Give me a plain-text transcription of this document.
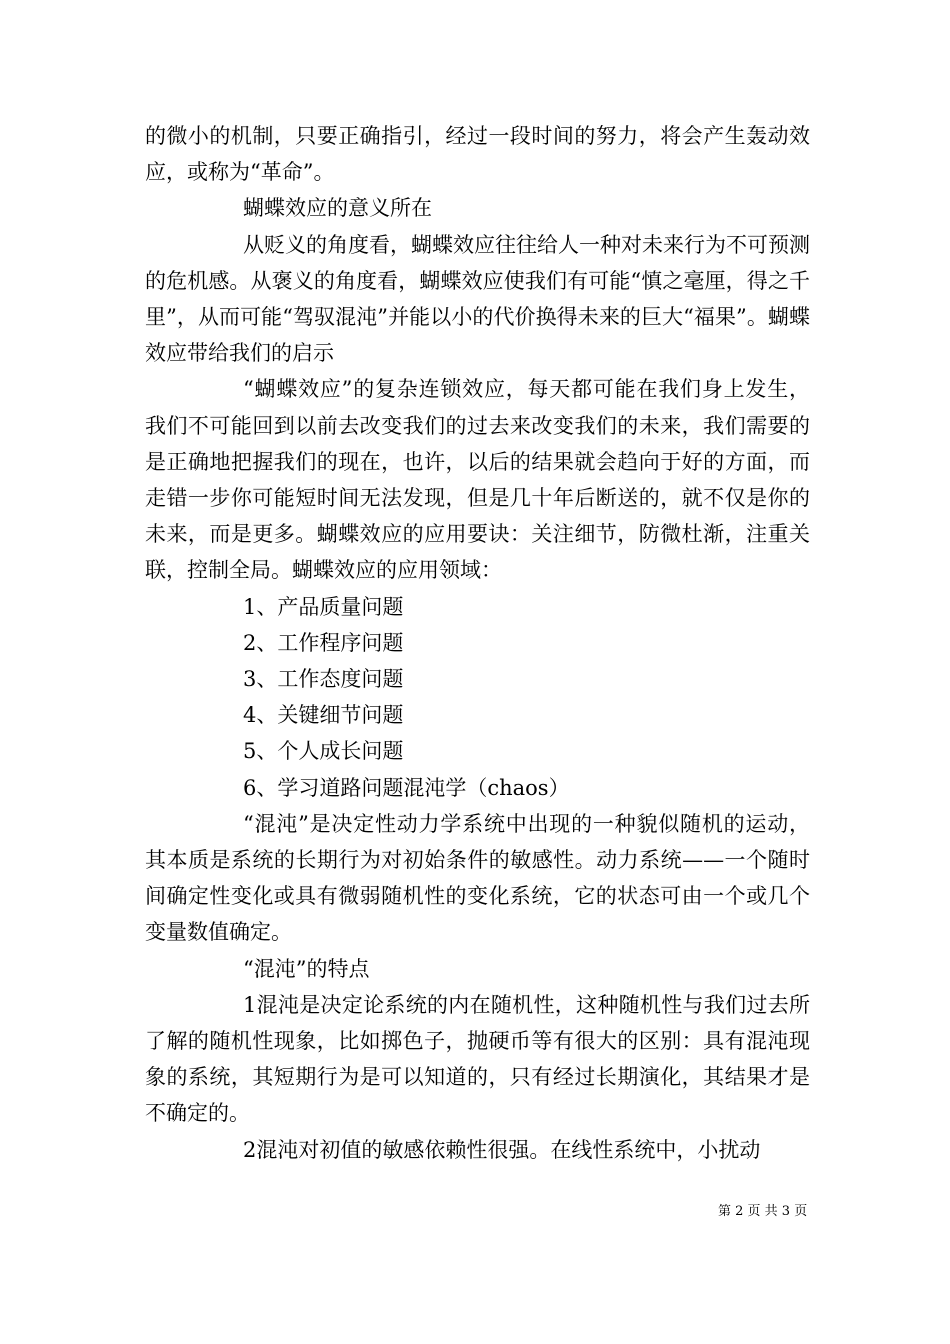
的微小的机制，只要正确指引，经过一段时间的努力，将会产生轰动效应，或称为“革命”。

蝴蝶效应的意义所在

从贬义的角度看，蝴蝶效应往往给人一种对未来行为不可预测的危机感。从褒义的角度看，蝴蝶效应使我们有可能“慎之毫厘，得之千里”，从而可能“驾驭混沌”并能以小的代价换得未来的巨大“福果”。蝴蝶效应带给我们的启示

“蝴蝶效应”的复杂连锁效应，每天都可能在我们身上发生，我们不可能回到以前去改变我们的过去来改变我们的未来，我们需要的是正确地把握我们的现在，也许，以后的结果就会趋向于好的方面，而走错一步你可能短时间无法发现，但是几十年后断送的，就不仅是你的未来，而是更多。蝴蝶效应的应用要诀：关注细节，防微杜渐，注重关联，控制全局。蝴蝶效应的应用领域：

1、产品质量问题

2、工作程序问题

3、工作态度问题

4、关键细节问题

5、个人成长问题

6、学习道路问题混沌学（chaos）

“混沌”是决定性动力学系统中出现的一种貌似随机的运动，其本质是系统的长期行为对初始条件的敏感性。动力系统——一个随时间确定性变化或具有微弱随机性的变化系统，它的状态可由一个或几个变量数值确定。

“混沌”的特点

1混沌是决定论系统的内在随机性，这种随机性与我们过去所了解的随机性现象，比如掷色子，抛硬币等有很大的区别：具有混沌现象的系统，其短期行为是可以知道的，只有经过长期演化，其结果才是不确定的。

2混沌对初值的敏感依赖性很强。在线性系统中，小扰动

第 2 页 共 3 页
